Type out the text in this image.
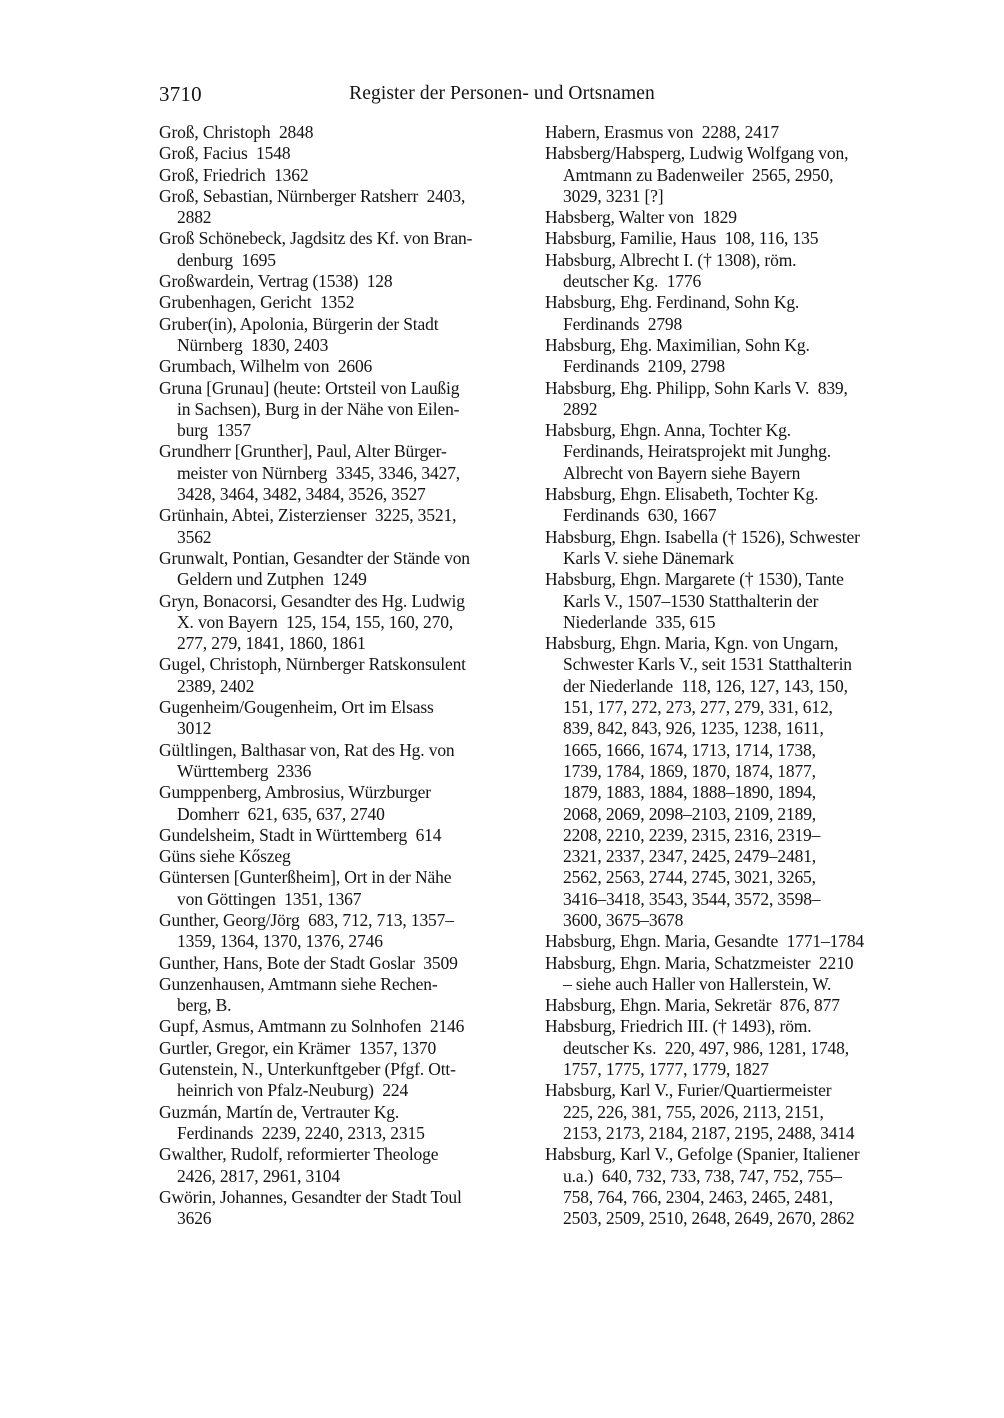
3710	Register der Personen- und Ortsnamen
Groß, Christoph  2848
Groß, Facius  1548
Groß, Friedrich  1362
Groß, Sebastian, Nürnberger Ratsherr  2403,
2882
Groß Schönebeck, Jagdsitz des Kf. von Bran-
denburg  1695
Großwardein, Vertrag (1538)  128
Grubenhagen, Gericht  1352
Gruber(in), Apolonia, Bürgerin der Stadt
Nürnberg  1830, 2403
Grumbach, Wilhelm von  2606
Gruna [Grunau] (heute: Ortsteil von Laußig
in Sachsen), Burg in der Nähe von Eilen-
burg  1357
Grundherr [Grunther], Paul, Alter Bürger-
meister von Nürnberg  3345, 3346, 3427,
3428, 3464, 3482, 3484, 3526, 3527
Grünhain, Abtei, Zisterzienser  3225, 3521,
3562
Grunwalt, Pontian, Gesandter der Stände von
Geldern und Zutphen  1249
Gryn, Bonacorsi, Gesandter des Hg. Ludwig
X. von Bayern  125, 154, 155, 160, 270,
277, 279, 1841, 1860, 1861
Gugel, Christoph, Nürnberger Ratskonsulent
2389, 2402
Gugenheim/Gougenheim, Ort im Elsass
3012
Gültlingen, Balthasar von, Rat des Hg. von
Württemberg  2336
Gumppenberg, Ambrosius, Würzburger
Domherr  621, 635, 637, 2740
Gundelsheim, Stadt in Württemberg  614
Güns siehe Kőszeg
Güntersen [Gunterßheim], Ort in der Nähe
von Göttingen  1351, 1367
Gunther, Georg/Jörg  683, 712, 713, 1357–
1359, 1364, 1370, 1376, 2746
Gunther, Hans, Bote der Stadt Goslar  3509
Gunzenhausen, Amtmann siehe Rechen-
berg, B.
Gupf, Asmus, Amtmann zu Solnhofen  2146
Gurtler, Gregor, ein Krämer  1357, 1370
Gutenstein, N., Unterkunftgeber (Pfgf. Ott-
heinrich von Pfalz-Neuburg)  224
Guzmán, Martín de, Vertrauter Kg.
Ferdinands  2239, 2240, 2313, 2315
Gwalther, Rudolf, reformierter Theologe
2426, 2817, 2961, 3104
Gwörin, Johannes, Gesandter der Stadt Toul
3626
Habern, Erasmus von  2288, 2417
Habsberg/Habsperg, Ludwig Wolfgang von,
Amtmann zu Badenweiler  2565, 2950,
3029, 3231 [?]
Habsberg, Walter von  1829
Habsburg, Familie, Haus  108, 116, 135
Habsburg, Albrecht I. († 1308), röm.
deutscher Kg.  1776
Habsburg, Ehg. Ferdinand, Sohn Kg.
Ferdinands  2798
Habsburg, Ehg. Maximilian, Sohn Kg.
Ferdinands  2109, 2798
Habsburg, Ehg. Philipp, Sohn Karls V.  839,
2892
Habsburg, Ehgn. Anna, Tochter Kg.
Ferdinands, Heiratsprojekt mit Junghg.
Albrecht von Bayern siehe Bayern
Habsburg, Ehgn. Elisabeth, Tochter Kg.
Ferdinands  630, 1667
Habsburg, Ehgn. Isabella († 1526), Schwester
Karls V. siehe Dänemark
Habsburg, Ehgn. Margarete († 1530), Tante
Karls V., 1507–1530 Statthalterin der
Niederlande  335, 615
Habsburg, Ehgn. Maria, Kgn. von Ungarn,
Schwester Karls V., seit 1531 Statthalterin
der Niederlande  118, 126, 127, 143, 150,
151, 177, 272, 273, 277, 279, 331, 612,
839, 842, 843, 926, 1235, 1238, 1611,
1665, 1666, 1674, 1713, 1714, 1738,
1739, 1784, 1869, 1870, 1874, 1877,
1879, 1883, 1884, 1888–1890, 1894,
2068, 2069, 2098–2103, 2109, 2189,
2208, 2210, 2239, 2315, 2316, 2319–
2321, 2337, 2347, 2425, 2479–2481,
2562, 2563, 2744, 2745, 3021, 3265,
3416–3418, 3543, 3544, 3572, 3598–
3600, 3675–3678
Habsburg, Ehgn. Maria, Gesandte  1771–1784
Habsburg, Ehgn. Maria, Schatzmeister  2210
– siehe auch Haller von Hallerstein, W.
Habsburg, Ehgn. Maria, Sekretär  876, 877
Habsburg, Friedrich III. († 1493), röm.
deutscher Ks.  220, 497, 986, 1281, 1748,
1757, 1775, 1777, 1779, 1827
Habsburg, Karl V., Furier/Quartiermeister
225, 226, 381, 755, 2026, 2113, 2151,
2153, 2173, 2184, 2187, 2195, 2488, 3414
Habsburg, Karl V., Gefolge (Spanier, Italiener
u.a.)  640, 732, 733, 738, 747, 752, 755–
758, 764, 766, 2304, 2463, 2465, 2481,
2503, 2509, 2510, 2648, 2649, 2670, 2862
